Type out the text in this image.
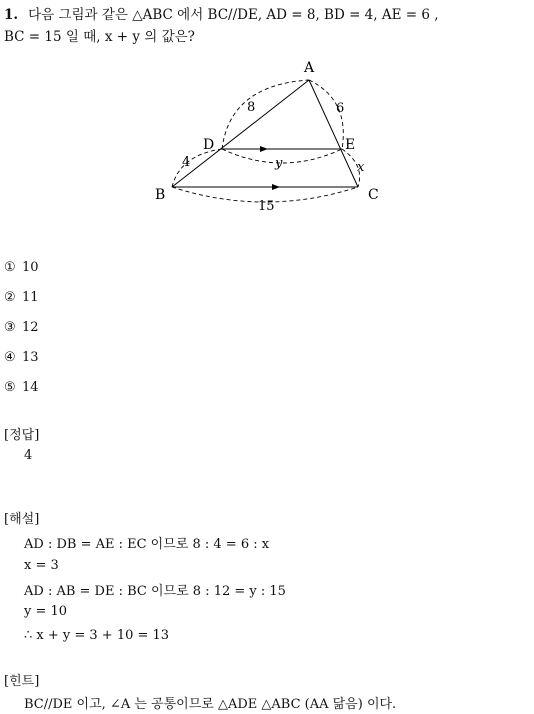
1. 다음 그림과 같은 △ABC 에서 BC//DE, AD = 8, BD = 4, AE = 6 ,
BC = 15 일 때, x + y 의 값은?
A
B	C
D	E
8	6
4
15
y	x
① 10
② 11
③ 12
④ 13
⑤ 14
[정답]
4
[해설]
AD : DB = AE : EC 이므로 8 : 4 = 6 : x
x = 3
AD : AB = DE : BC 이므로 8 : 12 = y : 15
y = 10
∴ x + y = 3 + 10 = 13
[힌트]
BC//DE 이고, ∠A 는 공통이므로 △ADE △ABC (AA 닮음) 이다.
